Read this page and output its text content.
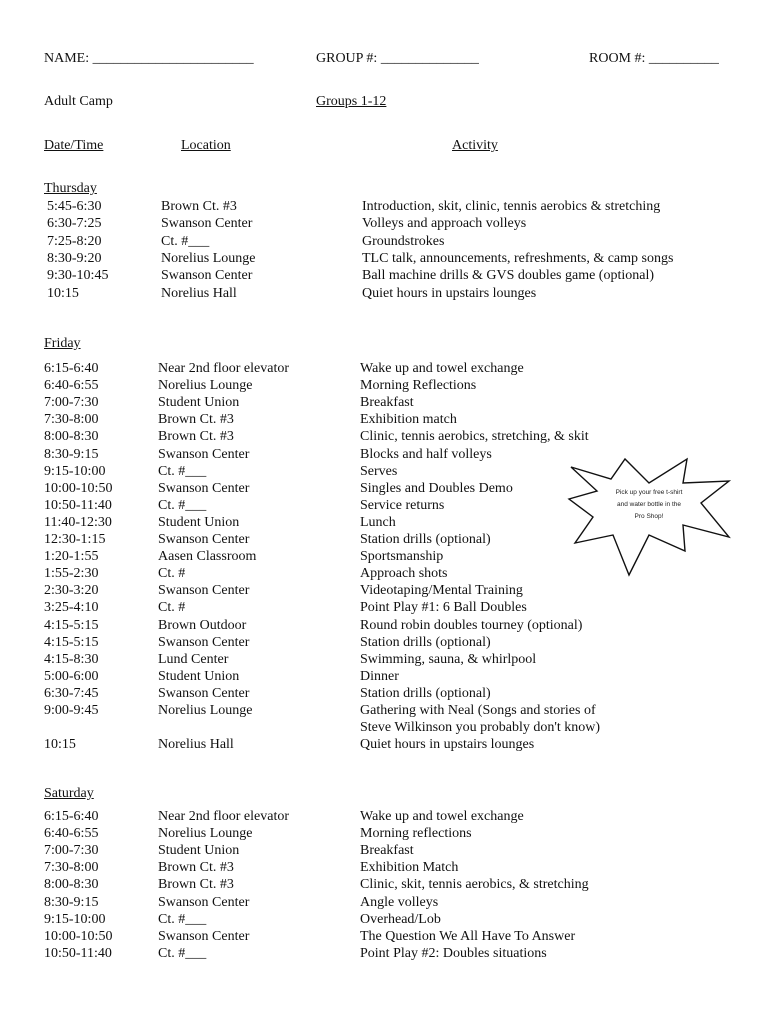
NAME: _______________________	GROUP #: ______________	ROOM #: __________
Adult Camp	Groups 1-12
Date/Time	Location	Activity
Thursday
Friday
Saturday
5:45-6:30	Brown Ct. #3	Introduction, skit, clinic, tennis aerobics & stretching
6:30-7:25	Swanson Center	Volleys and approach volleys
7:25-8:20	Ct. #___	Groundstrokes
8:30-9:20	Norelius Lounge	TLC talk, announcements, refreshments, & camp songs
9:30-10:45	Swanson Center	Ball machine drills & GVS doubles game (optional)
10:15	Norelius Hall	Quiet hours in upstairs lounges
6:15-6:40	Near 2nd floor elevator	Wake up and towel exchange
6:40-6:55	Norelius Lounge	Morning Reflections
7:00-7:30	Student Union	Breakfast
7:30-8:00	Brown Ct. #3	Exhibition match
8:00-8:30	Brown Ct. #3	Clinic, tennis aerobics, stretching, & skit
8:30-9:15	Swanson Center	Blocks and half volleys
9:15-10:00	Ct. #___	Serves
10:00-10:50	Swanson Center	Singles and Doubles Demo
10:50-11:40	Ct. #___	Service returns
11:40-12:30	Student Union	Lunch
12:30-1:15	Swanson Center	Station drills (optional)
1:20-1:55	Aasen Classroom	Sportsmanship
1:55-2:30	Ct. #	Approach shots
2:30-3:20	Swanson Center	Videotaping/Mental Training
3:25-4:10	Ct. #	Point Play #1: 6 Ball Doubles
4:15-5:15	Brown Outdoor	Round robin doubles tourney (optional)
4:15-5:15	Swanson Center	Station drills (optional)
4:15-8:30	Lund Center	Swimming, sauna, & whirlpool
5:00-6:00	Student Union	Dinner
6:30-7:45	Swanson Center	Station drills (optional)
9:00-9:45	Norelius Lounge	Gathering with Neal (Songs and stories of
Steve Wilkinson you probably don't know)
10:15	Norelius Hall	Quiet hours in upstairs lounges
6:15-6:40	Near 2nd floor elevator	Wake up and towel exchange
6:40-6:55	Norelius Lounge	Morning reflections
7:00-7:30	Student Union	Breakfast
7:30-8:00	Brown Ct. #3	Exhibition Match
8:00-8:30	Brown Ct. #3	Clinic, skit, tennis aerobics, & stretching
8:30-9:15	Swanson Center	Angle volleys
9:15-10:00	Ct. #___	Overhead/Lob
10:00-10:50	Swanson Center	The Question We All Have To Answer
10:50-11:40	Ct. #___	Point Play #2: Doubles situations
Pick up your free t-shirt
and water bottle in the
Pro Shop!
